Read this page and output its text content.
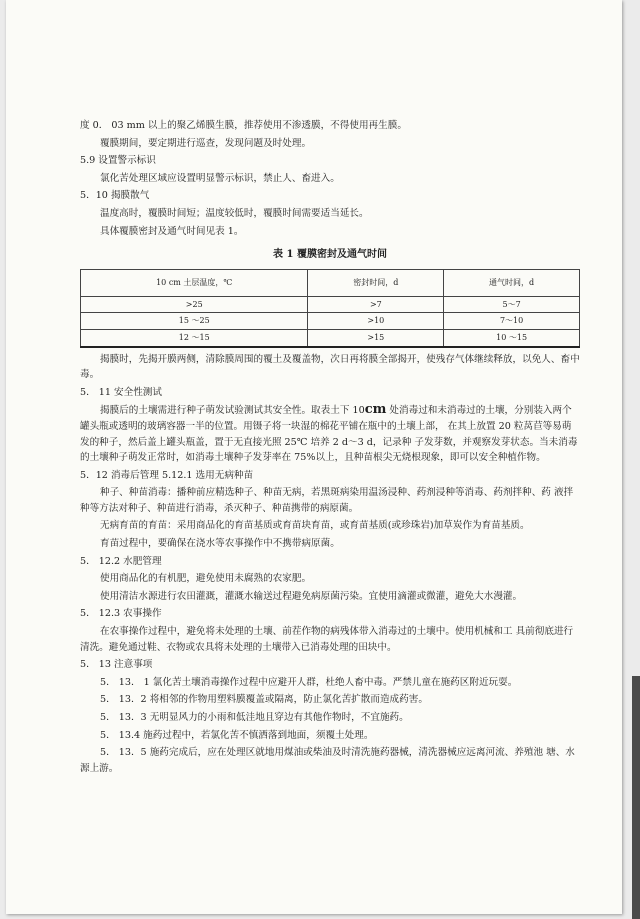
度 0． 03 mm 以上的聚乙烯膜生膜，推荐使用不渗透膜，不得使用再生膜。
覆膜期间，要定期进行巡查，发现问题及时处理。
5.9 设置警示标识
氯化苦处理区域应设置明显警示标识，禁止人、畜进入。
5．10 揭膜散气
温度高时，覆膜时间短；温度较低时，覆膜时间需要适当延长。
具体覆膜密封及通气时间见表 1。
表 1 覆膜密封及通气时间
10 cm 土层温度，℃	密封时间，d	通气时间，d
>25	>7	5～7
15 ～25	>10	7～10
12 ～15	>15	10 ～15
揭膜时，先揭开膜两侧，清除膜周围的覆土及覆盖物，次日再将膜全部揭开，使残存气体继续释放，以免人、畜中毒。
5． 11 安全性测试
揭膜后的土壤需进行种子萌发试验测试其安全性。取表土下 10cm 处消毒过和未消毒过的土壤，分别装入两个罐头瓶或透明的玻璃容器一半的位置。用镊子将一块湿的棉花平铺在瓶中的土壤上部， 在其上放置 20 粒莴苣等易萌发的种子，然后盖上罐头瓶盖，置于无直接光照 25℃ 培养 2 d～3 d，记录种 子发芽数，并观察发芽状态。当未消毒的土壤种子萌发正常时，如消毒土壤种子发芽率在 75%以上，且种苗根尖无烧根现象，即可以安全种植作物。
5．12 消毒后管理 5.12.1 选用无病种苗
种子、种苗消毒：播种前应精选种子、种苗无病，若黑斑病染用温汤浸种、药剂浸种等消毒、药剂拌种、药 液拌种等方法对种子、种苗进行消毒，杀灭种子、种苗携带的病原菌。
无病育苗的育苗：采用商品化的育苗基质或育苗块育苗，或育苗基质(或珍珠岩)加草炭作为育苗基质。
育苗过程中，要确保在浇水等农事操作中不携带病原菌。
5． 12.2 水肥管理
使用商品化的有机肥，避免使用未腐熟的农家肥。
使用清洁水源进行农田灌溉，灌溉水输送过程避免病原菌污染。宜使用滴灌或微灌，避免大水漫灌。
5． 12.3 农事操作
在农事操作过程中，避免将未处理的土壤、前茬作物的病残体带入消毒过的土壤中。使用机械和工 具前彻底进行清洗。避免通过鞋、衣物或农具将未处理的土壤带入已消毒处理的田块中。
5． 13 注意事项
5． 13． 1 氯化苦土壤消毒操作过程中应避开人群，杜绝人畜中毒。严禁儿童在施药区附近玩耍。
5． 13．2 将相邻的作物用塑料膜覆盖或隔离，防止氯化苦扩散而造成药害。
5． 13．3 无明显风力的小雨和低洼地且穿边有其他作物时，不宜施药。
5． 13.4 施药过程中，若氯化苦不慎洒落到地面，须覆土处理。
5． 13．5 施药完成后，应在处理区就地用煤油或柴油及时清洗施药器械，清洗器械应远离河流、养殖池 塘、水源上游。
